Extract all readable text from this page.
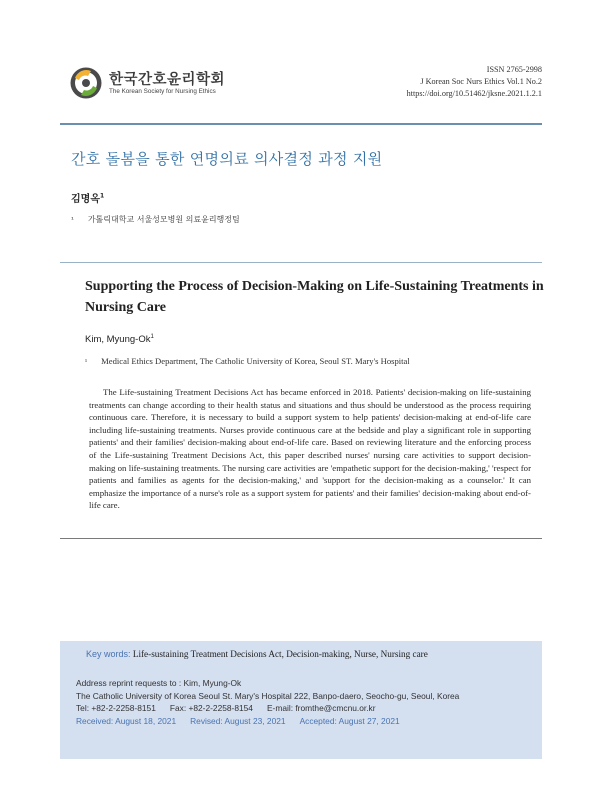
한국간호윤리학회
The Korean Society for Nursing Ethics
ISSN 2765-2998
J Korean Soc Nurs Ethics Vol.1 No.2
https://doi.org/10.51462/jksne.2021.1.2.1
간호 돌봄을 통한 연명의료 의사결정 과정 지원
김명옥$^1$
¹ 가톨릭대학교 서울성모병원 의료윤리행정팀
Supporting the Process of Decision-Making on Life-Sustaining Treatments in Nursing Care
Kim, Myung-Ok$^1$
¹ Medical Ethics Department, The Catholic University of Korea, Seoul ST. Mary's Hospital
The Life-sustaining Treatment Decisions Act has became enforced in 2018. Patients' decision-making on life-sustaining treatments can change according to their health status and situations and thus should be understood as the process requiring continuous care. Therefore, it is necessary to build a support system to help patients' decision-making at end-of-life care including life-sustaining treatments. Nurses provide continuous care at the bedside and play a significant role in supporting patients' and their families' decision-making about end-of-life care. Based on reviewing literature and the enforcing process of the Life-sustaining Treatment Decisions Act, this paper described nurses' nursing care activities to support decision-making on life-sustaining treatments. The nursing care activities are 'empathetic support for the decision-making,' 'respect for patients and families as agents for the decision-making,' and 'support for the decision-making as a counselor.' It can emphasize the importance of a nurse's role as a support system for patients' and their families' decision-making about end-of-life care.
Key words: Life-sustaining Treatment Decisions Act, Decision-making, Nurse, Nursing care
Address reprint requests to : Kim, Myung-Ok
The Catholic University of Korea Seoul St. Mary's Hospital 222, Banpo-daero, Seocho-gu, Seoul, Korea
Tel: +82-2-2258-8151 Fax: +82-2-2258-8154 E-mail: fromthe@cmcnu.or.kr
Received: August 18, 2021 Revised: August 23, 2021 Accepted: August 27, 2021
